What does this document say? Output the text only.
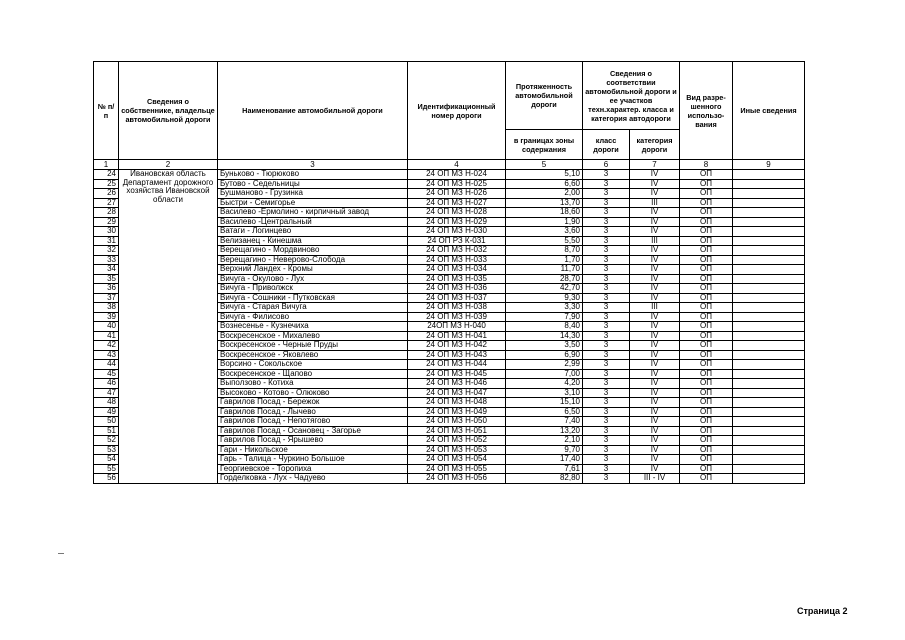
№ п/п	Сведения о собственнике, владельце автомобильной дороги	Наименование автомобильной дороги	Идентификационный номер дороги	Протяженность автомобильной дороги	Сведения о соответствии автомобильной дороги и ее участков техн.характер. класса и категория автодороги		Вид разре-шенного использо-вания	Иные сведения
				в границах зоны содержания	класс дороги	категория дороги		
1	2	3	4	5	6	7	8	9
24	Ивановская область Департамент дорожного хозяйства Ивановской области	Буньково - Тюрюково	24 ОП МЗ Н-024	5,10	3	IV	ОП	
25		Бутово - Седельницы	24 ОП МЗ Н-025	6,60	3	IV	ОП	
26		Бушманово - Грузинка	24 ОП МЗ Н-026	2,00	3	IV	ОП	
27		Быстри - Семигорье	24 ОП МЗ Н-027	13,70	3	III	ОП	
28		Василево -Ермолино - кирпичный завод	24 ОП МЗ Н-028	18,60	3	IV	ОП	
29		Василево -Центральный	24 ОП МЗ Н-029	1,90	3	IV	ОП	
30		Ватаги - Логинцево	24 ОП МЗ Н-030	3,60	3	IV	ОП	
31		Велизанец - Кинешма	24 ОП РЗ К-031	5,50	3	III	ОП	
32		Верещагино - Мордвиново	24 ОП МЗ Н-032	8,70	3	IV	ОП	
33		Верещагино - Неверово-Слобода	24 ОП МЗ Н-033	1,70	3	IV	ОП	
34		Верхний Ландех - Кромы	24 ОП МЗ Н-034	11,70	3	IV	ОП	
35		Вичуга - Окулово - Лух	24 ОП МЗ Н-035	28,70	3	IV	ОП	
36		Вичуга - Приволжск	24 ОП МЗ Н-036	42,70	3	IV	ОП	
37		Вичуга - Сошники - Путковская	24 ОП МЗ Н-037	9,30	3	IV	ОП	
38		Вичуга - Старая Вичуга	24 ОП МЗ Н-038	3,30	3	III	ОП	
39		Вичуга - Филисово	24 ОП МЗ Н-039	7,90	3	IV	ОП	
40		Вознесенье - Кузнечиха	24ОП МЗ Н-040	8,40	3	IV	ОП	
41		Воскресенское - Михалево	24 ОП МЗ Н-041	14,30	3	IV	ОП	
42		Воскресенское - Черные Пруды	24 ОП МЗ Н-042	3,50	3	IV	ОП	
43		Воскресенское - Яковлево	24 ОП МЗ Н-043	6,90	3	IV	ОП	
44		Ворсино - Сокольское	24 ОП МЗ Н-044	2,99	3	IV	ОП	
45		Воскресенское - Щапово	24 ОП МЗ Н-045	7,00	3	IV	ОП	
46		Выползово - Котиха	24 ОП МЗ Н-046	4,20	3	IV	ОП	
47		Высоково - Котово - Олюково	24 ОП МЗ Н-047	3,10	3	IV	ОП	
48		Гаврилов Посад - Бережок	24 ОП МЗ Н-048	15,10	3	IV	ОП	
49		Гаврилов Посад - Лычево	24 ОП МЗ Н-049	6,50	3	IV	ОП	
50		Гаврилов Посад - Непотягово	24 ОП МЗ Н-050	7,40	3	IV	ОП	
51		Гаврилов Посад - Осановец - Загорье	24 ОП МЗ Н-051	13,20	3	IV	ОП	
52		Гаврилов Посад - Ярышево	24 ОП МЗ Н-052	2,10	3	IV	ОП	
53		Гари - Никольское	24 ОП МЗ Н-053	9,70	3	IV	ОП	
54		Гарь - Талица - Чуркино Большое	24 ОП МЗ Н-054	17,40	3	IV	ОП	
55		Георгиевское - Торопиха	24 ОП МЗ Н-055	7,61	3	IV	ОП	
56		Горделковка - Лух - Чадуево	24 ОП МЗ Н-056	82,80	3	III - IV	ОП	
Страница 2
